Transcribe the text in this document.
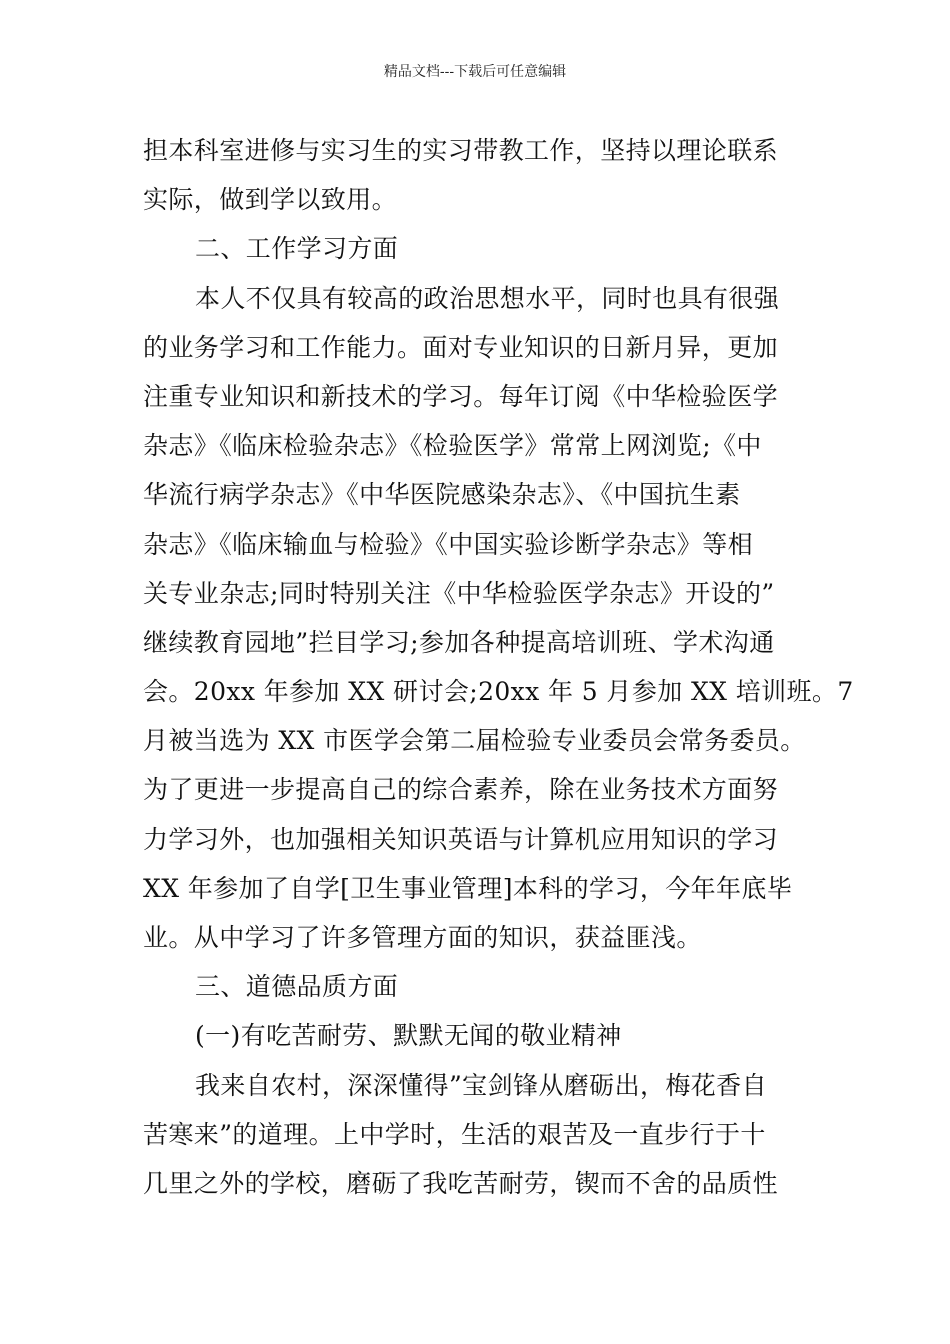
精品文档---下载后可任意编辑
担本科室进修与实习生的实习带教工作，坚持以理论联系
实际，做到学以致用。
二、工作学习方面
本人不仅具有较高的政治思想水平，同时也具有很强
的业务学习和工作能力。面对专业知识的日新月异，更加
注重专业知识和新技术的学习。每年订阅《中华检验医学
杂志》《临床检验杂志》《检验医学》常常上网浏览;《中
华流行病学杂志》《中华医院感染杂志》、《中国抗生素
杂志》《临床输血与检验》《中国实验诊断学杂志》等相
关专业杂志;同时特别关注《中华检验医学杂志》开设的”
继续教育园地”拦目学习;参加各种提高培训班、学术沟通
会。20xx 年参加 XX 研讨会;20xx 年 5 月参加 XX 培训班。7
月被当选为 XX 市医学会第二届检验专业委员会常务委员。
为了更进一步提高自己的综合素养，除在业务技术方面努
力学习外，也加强相关知识英语与计算机应用知识的学习
XX 年参加了自学[卫生事业管理]本科的学习，今年年底毕
业。从中学习了许多管理方面的知识，获益匪浅。
三、道德品质方面
(一)有吃苦耐劳、默默无闻的敬业精神
我来自农村，深深懂得”宝剑锋从磨砺出，梅花香自
苦寒来”的道理。上中学时，生活的艰苦及一直步行于十
几里之外的学校，磨砺了我吃苦耐劳，锲而不舍的品质性
